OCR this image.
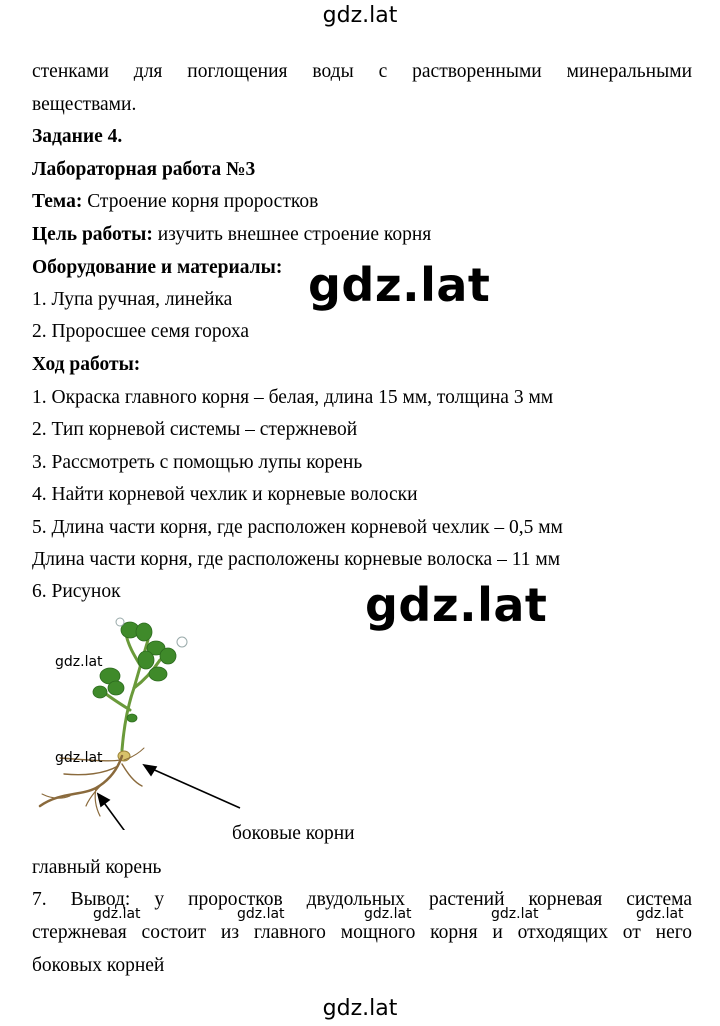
gdz.lat
стенками для поглощения воды с растворенными минеральными
веществами.
Задание 4.
Лабораторная работа №3
Тема: Строение корня проростков
Цель работы: изучить внешнее строение корня
Оборудование и материалы:
1. Лупа ручная, линейка
2. Проросшее семя гороха
Ход работы:
1. Окраска главного корня – белая, длина 15 мм, толщина 3 мм
2. Тип корневой системы – стержневой
3. Рассмотреть с помощью лупы корень
4. Найти корневой чехлик и корневые волоски
5. Длина части корня, где расположен корневой чехлик – 0,5 мм
Длина части корня, где расположены корневые волоска – 11 мм
6. Рисунок
gdz.lat
gdz.lat
gdz.lat
gdz.lat
боковые корни
главный корень
7. Вывод: у проростков двудольных растений корневая система
стержневая состоит из главного мощного корня и отходящих от него
боковых корней
gdz.lat	gdz.lat	gdz.lat	gdz.lat	gdz.lat
gdz.lat
